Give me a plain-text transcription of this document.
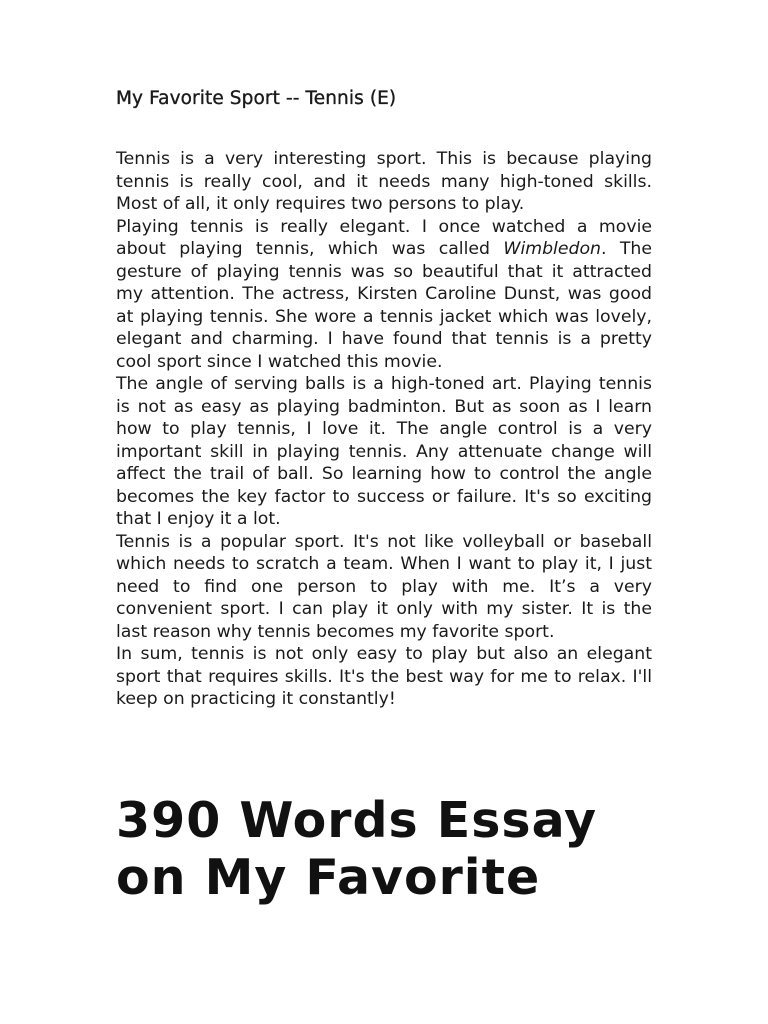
My Favorite Sport -- Tennis (E)

Tennis is a very interesting sport. This is because playing tennis is really cool, and it needs many high-toned skills. Most of all, it only requires two persons to play.

Playing tennis is really elegant. I once watched a movie about playing tennis, which was called Wimbledon. The gesture of playing tennis was so beautiful that it attracted my attention. The actress, Kirsten Caroline Dunst, was good at playing tennis. She wore a tennis jacket which was lovely, elegant and charming. I have found that tennis is a pretty cool sport since I watched this movie.

The angle of serving balls is a high-toned art. Playing tennis is not as easy as playing badminton. But as soon as I learn how to play tennis, I love it. The angle control is a very important skill in playing tennis. Any attenuate change will affect the trail of ball. So learning how to control the angle becomes the key factor to success or failure. It's so exciting that I enjoy it a lot.

Tennis is a popular sport. It's not like volleyball or baseball which needs to scratch a team. When I want to play it, I just need to find one person to play with me. It’s a very convenient sport. I can play it only with my sister. It is the last reason why tennis becomes my favorite sport.

In sum, tennis is not only easy to play but also an elegant sport that requires skills. It's the best way for me to relax. I'll keep on practicing it constantly!

390 Words Essay
on My Favorite
